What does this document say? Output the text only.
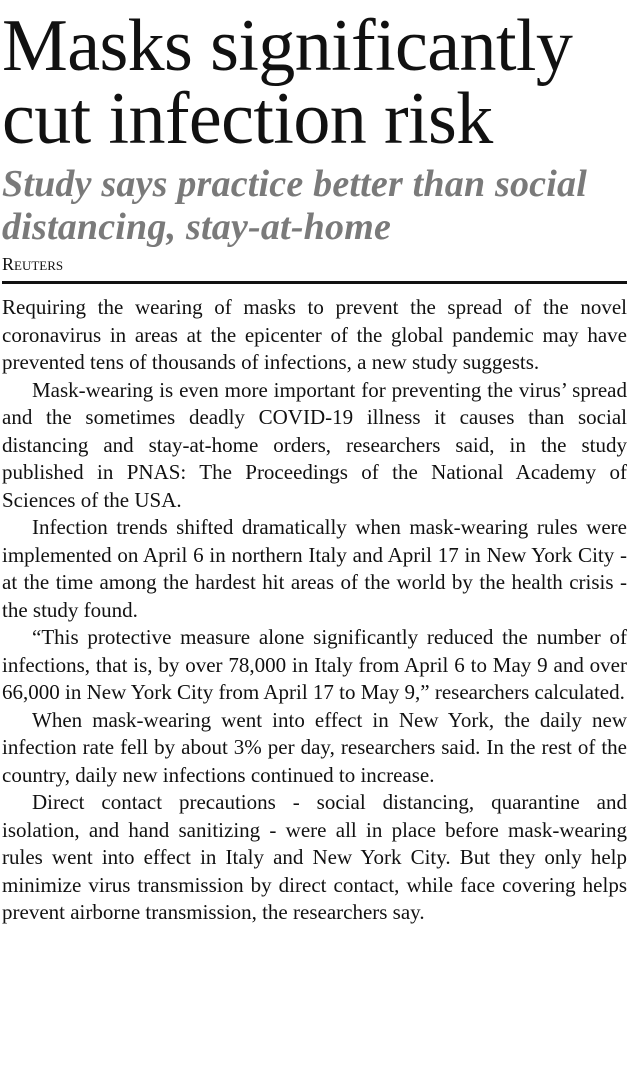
Masks significantly cut infection risk
Study says practice better than social distancing, stay-at-home
Reuters

Requiring the wearing of masks to prevent the spread of the novel coronavirus in areas at the epicenter of the global pandemic may have prevented tens of thousands of infections, a new study suggests.

Mask-wearing is even more important for preventing the virus’ spread and the sometimes deadly COVID-19 illness it causes than social distancing and stay-at-home orders, researchers said, in the study published in PNAS: The Proceedings of the National Academy of Sciences of the USA.

Infection trends shifted dramatically when mask-wearing rules were implemented on April 6 in northern Italy and April 17 in New York City - at the time among the hardest hit areas of the world by the health crisis - the study found.

“This protective measure alone significantly reduced the number of infections, that is, by over 78,000 in Italy from April 6 to May 9 and over 66,000 in New York City from April 17 to May 9,” researchers calculated.

When mask-wearing went into effect in New York, the daily new infection rate fell by about 3% per day, researchers said. In the rest of the country, daily new infections continued to increase.

Direct contact precautions - social distancing, quarantine and isolation, and hand sanitizing - were all in place before mask-wearing rules went into effect in Italy and New York City. But they only help minimize virus transmission by direct contact, while face covering helps prevent airborne transmission, the researchers say.
